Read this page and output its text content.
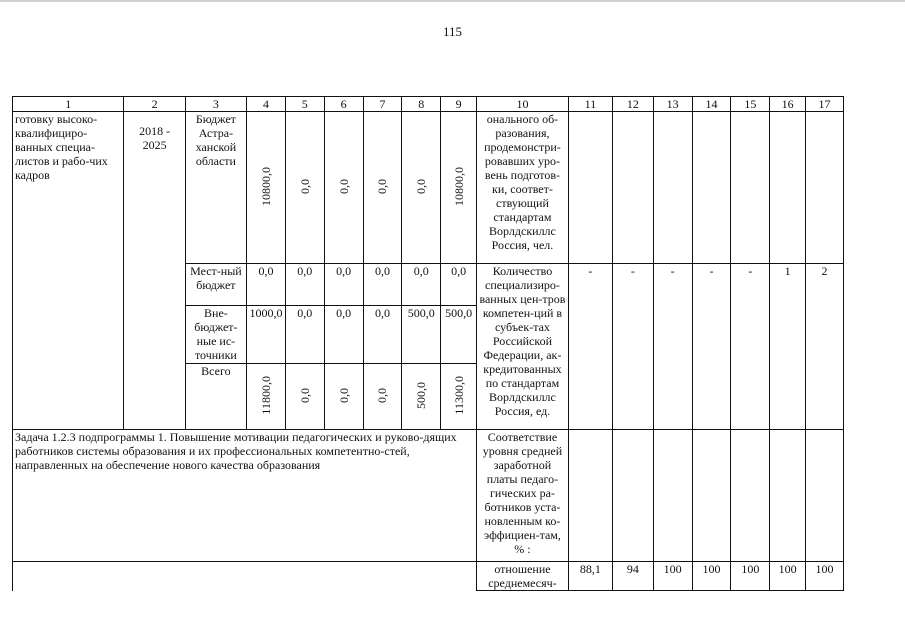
115
1	2	3	4	5	6	7	8	9	10	11	12	13	14	15	16	17
готовку высоко-квалифициро-ванных специа-листов и рабо-чих кадров	2018 - 2025	Бюджет Астра-ханской области	10800,0	0,0	0,0	0,0	0,0	10800,0	онального об-разования, продемонстри-ровавших уро-вень подготов-ки, соответ-ствующий стандартам Ворлдскиллс Россия, чел.							
		Мест-ный бюджет	0,0	0,0	0,0	0,0	0,0	0,0	Количество специализиро-ванных цен-тров компетен-ций в субъек-тах Российской Федерации, ак-кредитованных по стандартам Ворлдскиллс Россия, ед.	-	-	-	-	-	1	2
		Вне-бюджет-ные ис-точники	1000,0	0,0	0,0	0,0	500,0	500,0								
		Всего	11800,0	0,0	0,0	0,0	500,0	11300,0								
Задача 1.2.3 подпрограммы 1. Повышение мотивации педагогических и руково-дящих работников системы образования и их профессиональных компетентно-стей, направленных на обеспечение нового качества образования									Соответствие уровня средней заработной платы педаго-гических ра-ботников уста-новленным ко-эффициен-там, % :							
									отношение среднемесяч-	88,1	94	100	100	100	100	100
